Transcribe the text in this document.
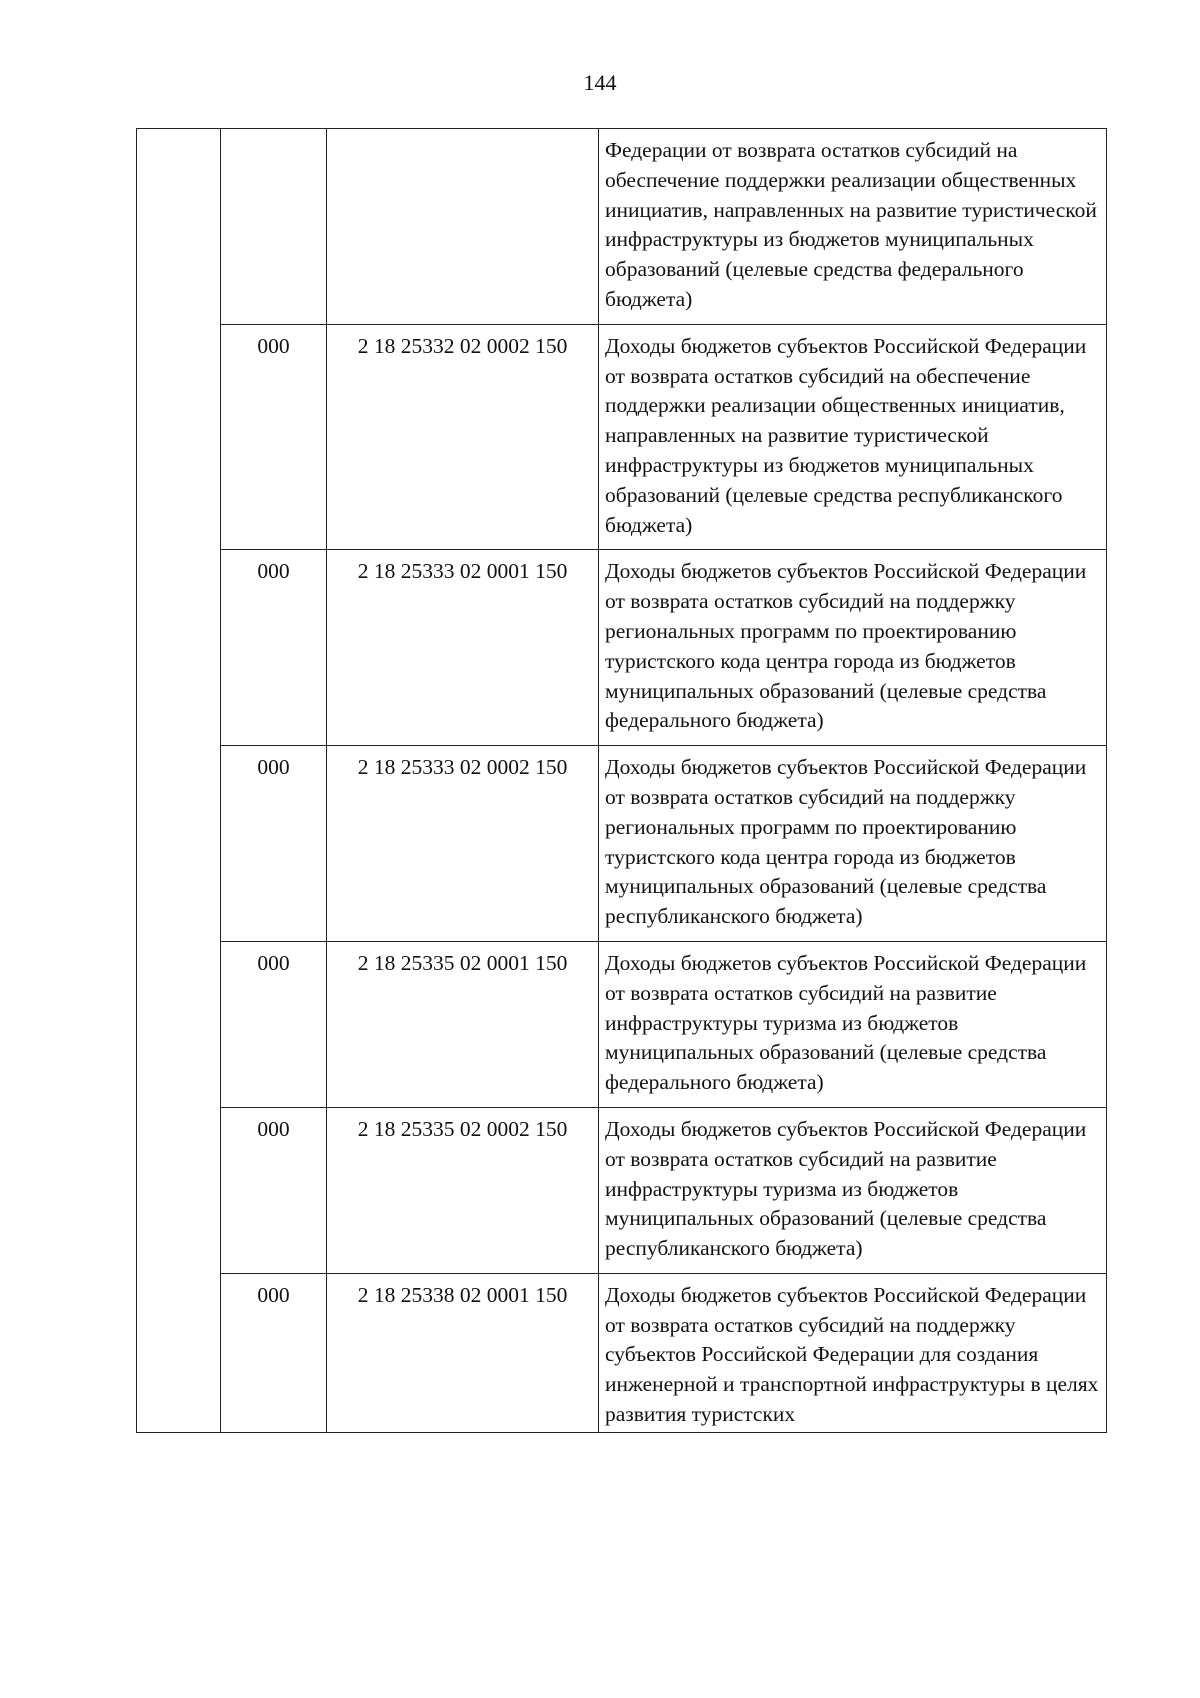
144
			Федерации от возврата остатков субсидий на обеспечение поддержки реализации общественных инициатив, направленных на развитие туристической инфраструктуры из бюджетов муниципальных образований (целевые средства федерального бюджета)
	000	2 18 25332 02 0002 150	Доходы бюджетов субъектов Российской Федерации от возврата остатков субсидий на обеспечение поддержки реализации общественных инициатив, направленных на развитие туристической инфраструктуры из бюджетов муниципальных образований (целевые средства республиканского бюджета)
	000	2 18 25333 02 0001 150	Доходы бюджетов субъектов Российской Федерации от возврата остатков субсидий на поддержку региональных программ по проектированию туристского кода центра города из бюджетов муниципальных образований (целевые средства федерального бюджета)
	000	2 18 25333 02 0002 150	Доходы бюджетов субъектов Российской Федерации от возврата остатков субсидий на поддержку региональных программ по проектированию туристского кода центра города из бюджетов муниципальных образований (целевые средства республиканского бюджета)
	000	2 18 25335 02 0001 150	Доходы бюджетов субъектов Российской Федерации от возврата остатков субсидий на развитие инфраструктуры туризма из бюджетов муниципальных образований (целевые средства федерального бюджета)
	000	2 18 25335 02 0002 150	Доходы бюджетов субъектов Российской Федерации от возврата остатков субсидий на развитие инфраструктуры туризма из бюджетов муниципальных образований (целевые средства республиканского бюджета)
	000	2 18 25338 02 0001 150	Доходы бюджетов субъектов Российской Федерации от возврата остатков субсидий на поддержку субъектов Российской Федерации для создания инженерной и транспортной инфраструктуры в целях развития туристских
